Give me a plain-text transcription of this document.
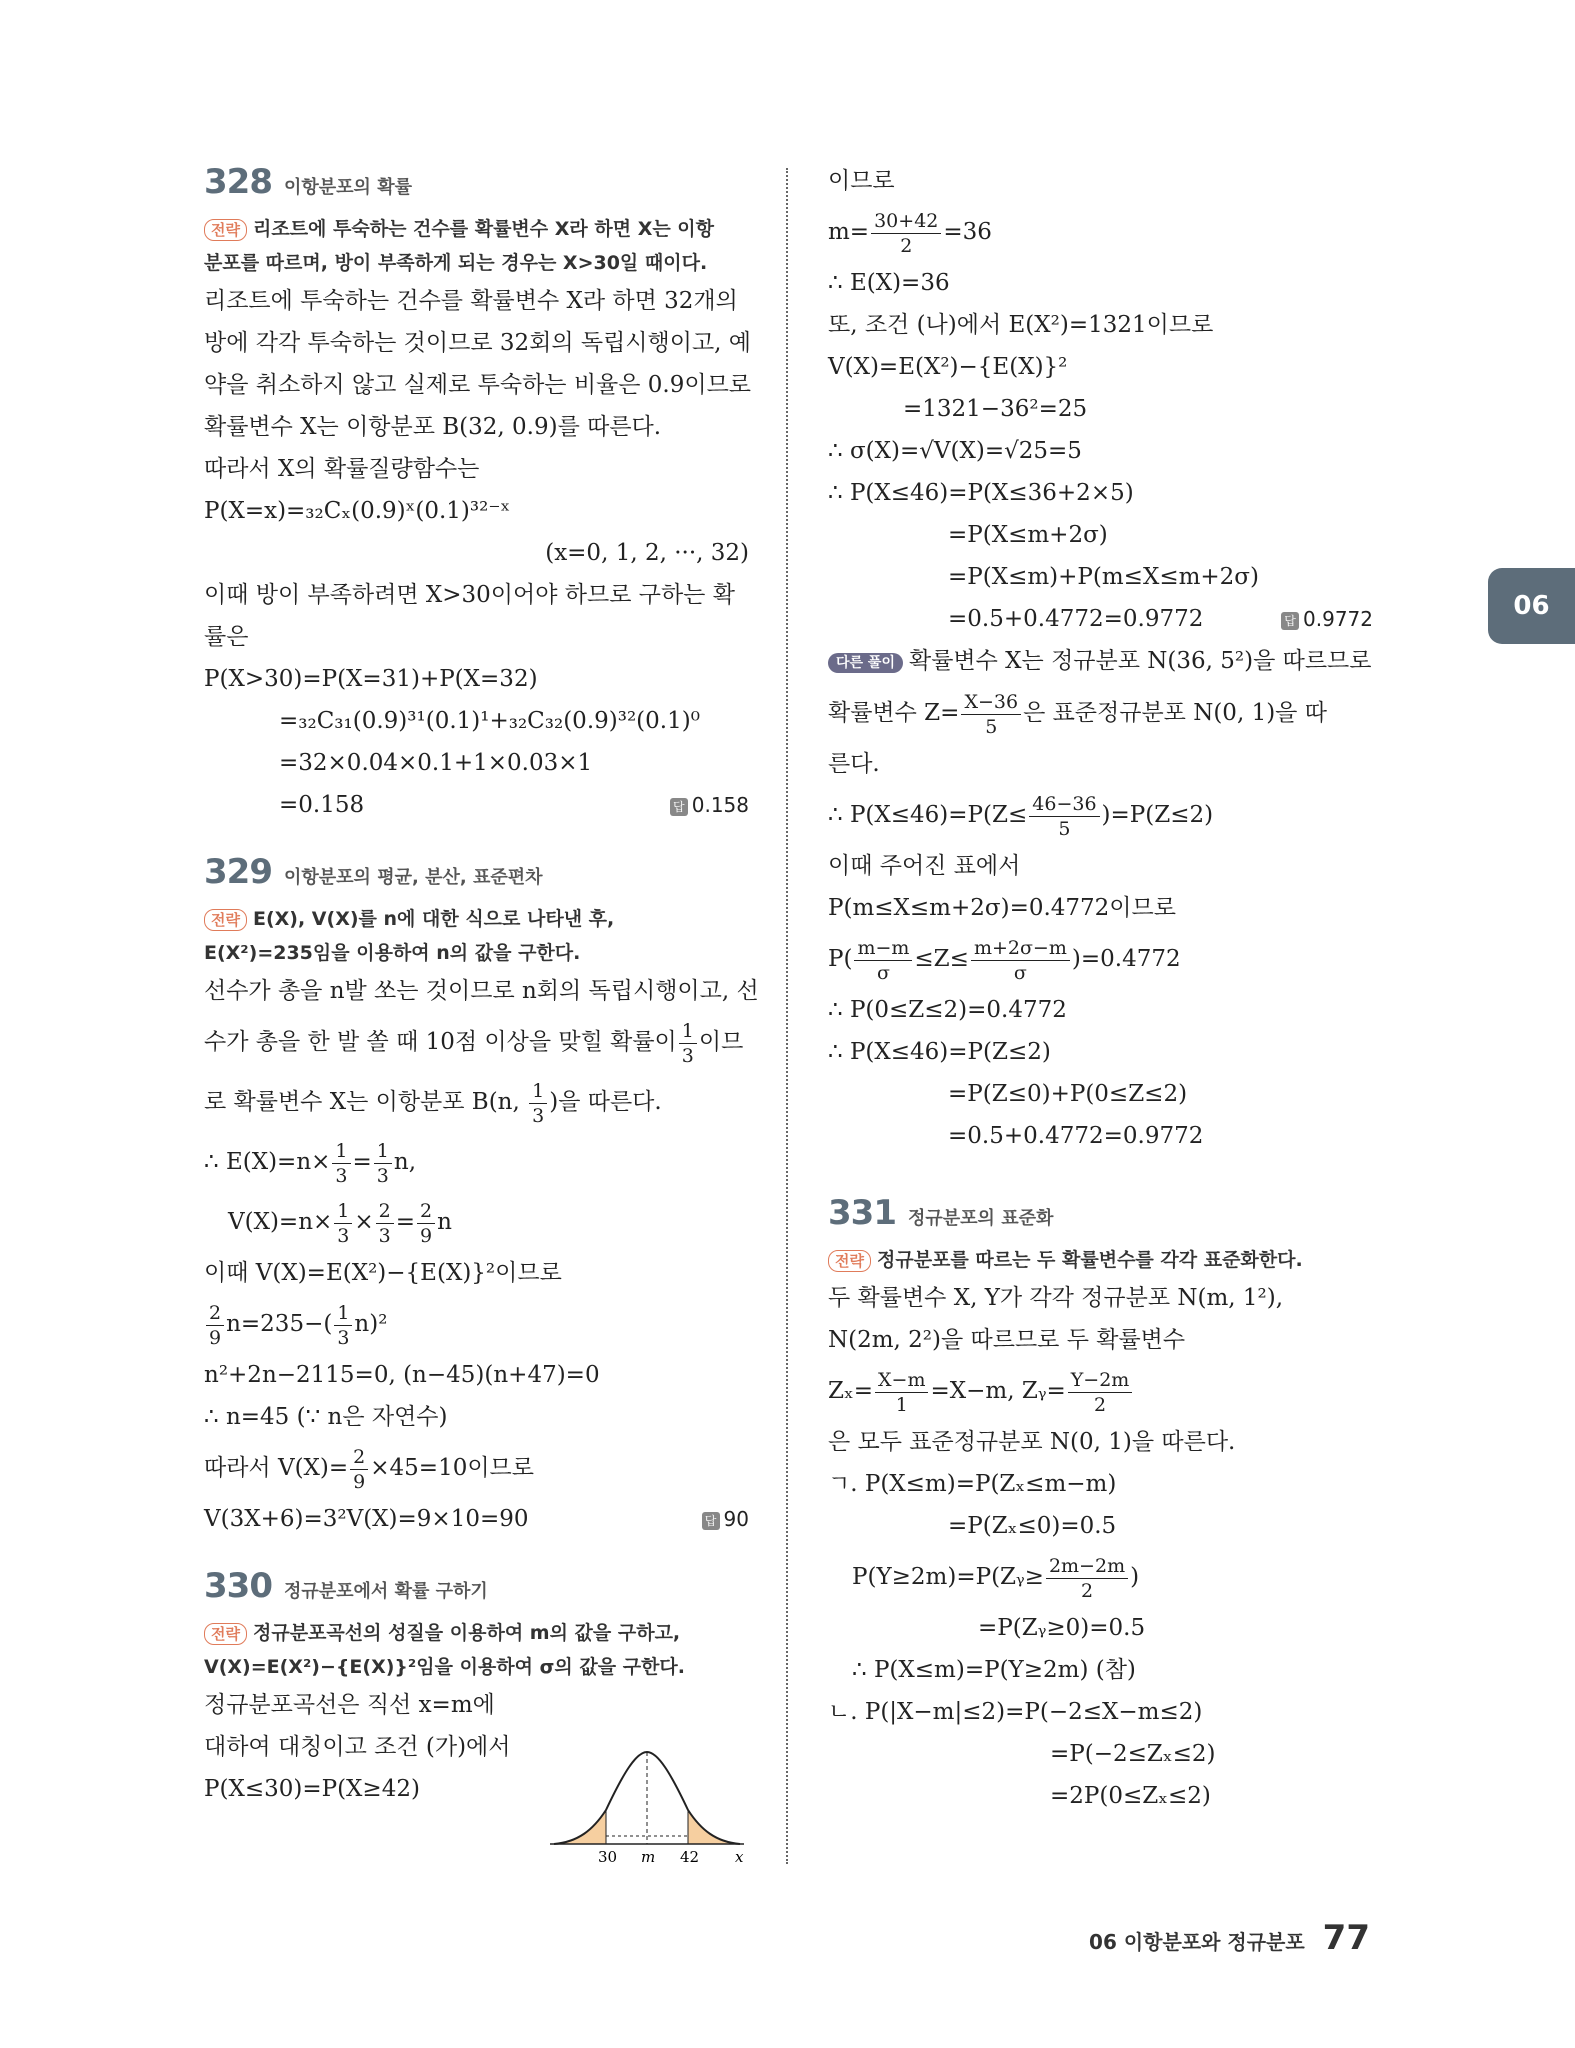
328 이항분포의 확률
전략 리조트에 투숙하는 건수를 확률변수 X라 하면 X는 이항
분포를 따르며, 방이 부족하게 되는 경우는 X>30일 때이다.
리조트에 투숙하는 건수를 확률변수 X라 하면 32개의
방에 각각 투숙하는 것이므로 32회의 독립시행이고, 예
약을 취소하지 않고 실제로 투숙하는 비율은 0.9이므로
확률변수 X는 이항분포 B(32, 0.9)를 따른다.
따라서 X의 확률질량함수는
P(X=x)=₃₂Cₓ(0.9)ˣ(0.1)³²⁻ˣ
(x=0, 1, 2, ···, 32)
이때 방이 부족하려면 X>30이어야 하므로 구하는 확
률은
P(X>30)=P(X=31)+P(X=32)
=₃₂C₃₁(0.9)³¹(0.1)¹+₃₂C₃₂(0.9)³²(0.1)⁰
=32×0.04×0.1+1×0.03×1
=0.158	답 0.158
329 이항분포의 평균, 분산, 표준편차
전략 E(X), V(X)를 n에 대한 식으로 나타낸 후,
E(X²)=235임을 이용하여 n의 값을 구한다.
선수가 총을 n발 쏘는 것이므로 n회의 독립시행이고, 선
수가 총을 한 발 쏠 때 10점 이상을 맞힐 확률이 $\frac{1}{3}$ 이므
로 확률변수 X는 이항분포 B(n, $\frac{1}{3}$ )을 따른다.
∴ $E(X)=n\times \frac{1}{3} = \frac{1}{3} n$,
$V(X)=n\times \frac{1}{3} \times \frac{2}{3} = \frac{2}{9}$ n
이때 V(X)=E(X²)−{E(X)}²이므로
$\frac{2}{9} n=235-( \frac{1}{3} n)^2$
n²+2n−2115=0, (n−45)(n+47)=0
∴ n=45 (∵ n은 자연수)
따라서 $V(X)= \frac{2}{9} \times 45=10$이므로
V(3X+6)=3²V(X)=9×10=90	답 90
330 정규분포에서 확률 구하기
전략 정규분포곡선의 성질을 이용하여 m의 값을 구하고,
V(X)=E(X²)−{E(X)}²임을 이용하여 σ의 값을 구한다.
정규분포곡선은 직선 x=m에
대하여 대칭이고 조건 (가)에서
P(X≤30)=P(X≥42)
30 m 42 x
이므로
$m= \frac{30+42}{2} =36$
∴ E(X)=36
또, 조건 (나)에서 E(X²)=1321이므로
V(X)=E(X²)−{E(X)}²
=1321−36²=25
∴ σ(X)=√V(X)=√25=5
∴ P(X≤46)=P(X≤36+2×5)
=P(X≤m+2σ)
=P(X≤m)+P(m≤X≤m+2σ)
=0.5+0.4772=0.9772	답 0.9772
다른 풀이 확률변수 X는 정규분포 N(36, 5²)을 따르므로
확률변수 $Z= \frac{X-36}{5}$ 은 표준정규분포 N(0, 1)을 따
른다.
∴ $P(X\le 46)=P(Z\le \frac{46-36}{5} )=P(Z\le 2)$
이때 주어진 표에서
P(m≤X≤m+2σ)=0.4772이므로
$P( \frac{m-m}{\sigma} \le Z\le \frac{m+2\sigma-m}{\sigma} )=0.4772$
∴ P(0≤Z≤2)=0.4772
∴ P(X≤46)=P(Z≤2)
=P(Z≤0)+P(0≤Z≤2)
=0.5+0.4772=0.9772
331 정규분포의 표준화
전략 정규분포를 따르는 두 확률변수를 각각 표준화한다.
두 확률변수 X, Y가 각각 정규분포 N(m, 1²),
N(2m, 2²)을 따르므로 두 확률변수
$Z_x= \frac{X-m}{1} =X-m$, Zᵧ= $\frac{Y-2m}{2}$
은 모두 표준정규분포 N(0, 1)을 따른다.
ㄱ. P(X≤m)=P(Zₓ≤m−m)
=P(Zₓ≤0)=0.5
P(Y≥2m)=P(Zᵧ≥ $\frac{2m-2m}{2}$ )
=P(Zᵧ≥0)=0.5
∴ P(X≤m)=P(Y≥2m) (참)
ㄴ. P(|X−m|≤2)=P(−2≤X−m≤2)
=P(−2≤Zₓ≤2)
=2P(0≤Zₓ≤2)
06
06 이항분포와 정규분포 77
